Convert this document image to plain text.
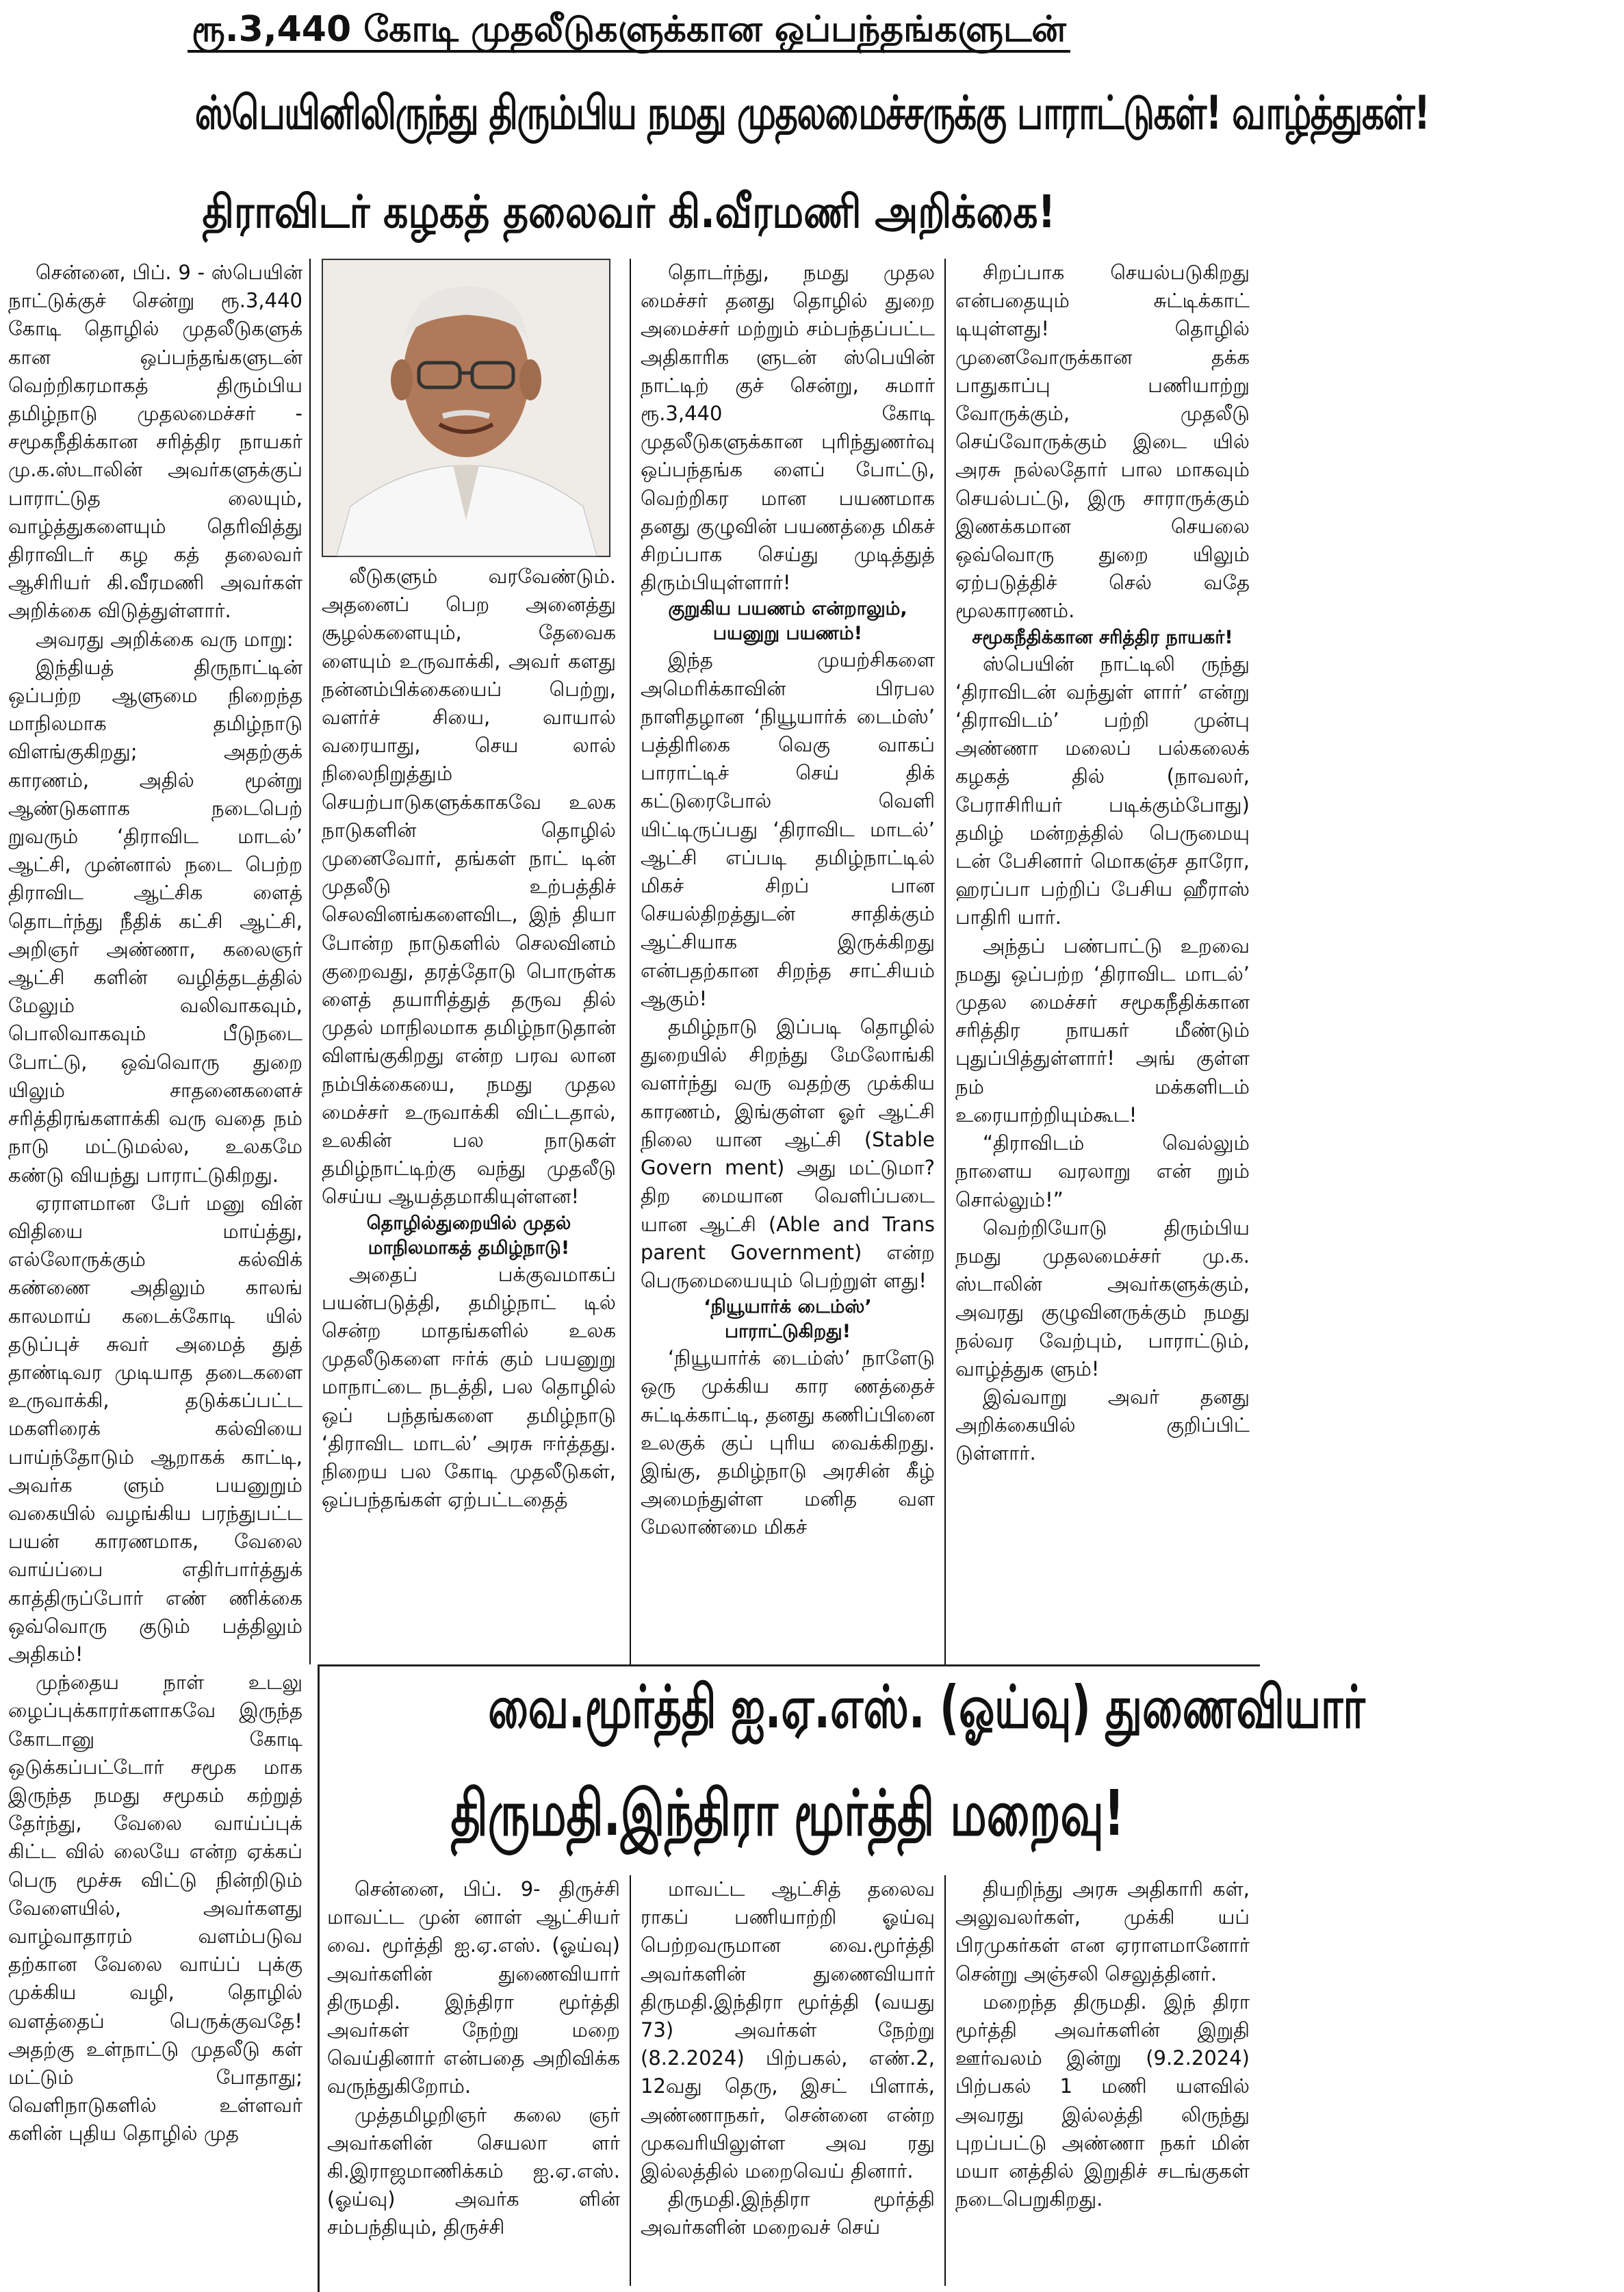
ரூ.3,440 கோடி முதலீடுகளுக்கான ஒப்பந்தங்களுடன்
ஸ்பெயினிலிருந்து திரும்பிய நமது முதலமைச்சருக்கு பாராட்டுகள்! வாழ்த்துகள்!
திராவிடர் கழகத் தலைவர் கி.வீரமணி அறிக்கை!

சென்னை, பிப். 9 - ஸ்பெயின் நாட்டுக்குச் சென்று ரூ.3,440 கோடி தொழில் முதலீடுகளுக் கான ஒப்பந்தங்களுடன் வெற்றிகரமாகத் திரும்பிய தமிழ்நாடு முதலமைச்சர் - சமூகநீதிக்கான சரித்திர நாயகர் மு.க.ஸ்டாலின் அவர்களுக்குப் பாராட்டுத லையும், வாழ்த்துகளையும் தெரிவித்து திராவிடர் கழ கத் தலைவர் ஆசிரியர் கி.வீரமணி அவர்கள் அறிக்கை விடுத்துள்ளார்.

அவரது அறிக்கை வரு மாறு:

இந்தியத் திருநாட்டின் ஒப்பற்ற ஆளுமை நிறைந்த மாநிலமாக தமிழ்நாடு விளங்குகிறது; அதற்குக் காரணம், அதில் மூன்று ஆண்டுகளாக நடைபெற் றுவரும் ‘திராவிட மாடல்’ ஆட்சி, முன்னால் நடை பெற்ற திராவிட ஆட்சிக ளைத் தொடர்ந்து நீதிக் கட்சி ஆட்சி, அறிஞர் அண்ணா, கலைஞர் ஆட்சி களின் வழித்தடத்தில் மேலும் வலிவாகவும், பொலிவாகவும் பீடுநடை போட்டு, ஒவ்வொரு துறை யிலும் சாதனைகளைச் சரித்திரங்களாக்கி வரு வதை நம் நாடு மட்டுமல்ல, உலகமே கண்டு வியந்து பாராட்டுகிறது.

ஏராளமான பேர் மனு வின் விதியை மாய்த்து, எல்லோருக்கும் கல்விக் கண்ணை அதிலும் காலங் காலமாய் கடைக்கோடி யில் தடுப்புச் சுவர் அமைத் துத் தாண்டிவர முடியாத தடைகளை உருவாக்கி, தடுக்கப்பட்ட மகளிரைக் கல்வியை பாய்ந்தோடும் ஆறாகக் காட்டி, அவர்க ளும் பயனுறும் வகையில் வழங்கிய பரந்துபட்ட பயன் காரணமாக, வேலை வாய்ப்பை எதிர்பார்த்துக் காத்திருப்போர் எண் ணிக்கை ஒவ்வொரு குடும் பத்திலும் அதிகம்!

முந்தைய நாள் உடலு ழைப்புக்காரர்களாகவே இருந்த கோடானு கோடி ஒடுக்கப்பட்டோர் சமூக மாக இருந்த நமது சமூகம் கற்றுத் தேர்ந்து, வேலை வாய்ப்புக் கிட்ட வில் லையே என்ற ஏக்கப் பெரு மூச்சு விட்டு நின்றிடும் வேளையில், அவர்களது வாழ்வாதாரம் வளம்படுவ தற்கான வேலை வாய்ப் புக்கு முக்கிய வழி, தொழில் வளத்தைப் பெருக்குவதே! அதற்கு உள்நாட்டு முதலீடு கள் மட்டும் போதாது; வெளிநாடுகளில் உள்ளவர் களின் புதிய தொழில் முத

லீடுகளும் வரவேண்டும். அதனைப் பெற அனைத்து சூழல்களையும், தேவைக ளையும் உருவாக்கி, அவர் களது நன்னம்பிக்கையைப் பெற்று, வளர்ச் சியை, வாயால் வரையாது, செய லால் நிலைநிறுத்தும் செயற்பாடுகளுக்காகவே உலக நாடுகளின் தொழில் முனைவோர், தங்கள் நாட் டின் முதலீடு உற்பத்திச் செலவினங்களைவிட, இந் தியா போன்ற நாடுகளில் செலவினம் குறைவது, தரத்தோடு பொருள்க ளைத் தயாரித்துத் தருவ தில் முதல் மாநிலமாக தமிழ்நாடுதான் விளங்குகிறது என்ற பரவ லான நம்பிக்கையை, நமது முதல மைச்சர் உருவாக்கி விட்டதால், உலகின் பல நாடுகள் தமிழ்நாட்டிற்கு வந்து முதலீடு செய்ய ஆயத்தமாகியுள்ளன!

தொழில்துறையில் முதல் மாநிலமாகத் தமிழ்நாடு!

அதைப் பக்குவமாகப் பயன்படுத்தி, தமிழ்நாட் டில் சென்ற மாதங்களில் உலக முதலீடுகளை ஈர்க் கும் பயனுறு மாநாட்டை நடத்தி, பல தொழில் ஒப் பந்தங்களை தமிழ்நாடு ‘திராவிட மாடல்’ அரசு ஈர்த்தது. நிறைய பல கோடி முதலீடுகள், ஒப்பந்தங்கள் ஏற்பட்டதைத்

தொடர்ந்து, நமது முதல மைச்சர் தனது தொழில் துறை அமைச்சர் மற்றும் சம்பந்தப்பட்ட அதிகாரிக ளுடன் ஸ்பெயின் நாட்டிற் குச் சென்று, சுமார் ரூ.3,440 கோடி முதலீடுகளுக்கான புரிந்துணர்வு ஒப்பந்தங்க ளைப் போட்டு, வெற்றிகர மான பயணமாக தனது குழுவின் பயணத்தை மிகச் சிறப்பாக செய்து முடித்துத் திரும்பியுள்ளார்!

குறுகிய பயணம் என்றாலும், பயனுறு பயணம்!

இந்த முயற்சிகளை அமெரிக்காவின் பிரபல நாளிதழான ‘நியூயார்க் டைம்ஸ்’ பத்திரிகை வெகு வாகப் பாராட்டிச் செய் திக் கட்டுரைபோல் வெளி யிட்டிருப்பது ‘திராவிட மாடல்’ ஆட்சி எப்படி தமிழ்நாட்டில் மிகச் சிறப் பான செயல்திறத்துடன் சாதிக்கும் ஆட்சியாக இருக்கிறது என்பதற்கான சிறந்த சாட்சியம் ஆகும்!

தமிழ்நாடு இப்படி தொழில் துறையில் சிறந்து மேலோங்கி வளர்ந்து வரு வதற்கு முக்கிய காரணம், இங்குள்ள ஓர் ஆட்சி நிலை யான ஆட்சி (Stable Govern ment) அது மட்டுமா? திற மையான வெளிப்படை யான ஆட்சி (Able and Trans parent Government) என்ற பெருமையையும் பெற்றுள் ளது!

‘நியூயார்க் டைம்ஸ்’ பாராட்டுகிறது!

‘நியூயார்க் டைம்ஸ்’ நாளேடு ஒரு முக்கிய கார ணத்தைச் சுட்டிக்காட்டி, தனது கணிப்பினை உலகுக் குப் புரிய வைக்கிறது. இங்கு, தமிழ்நாடு அரசின் கீழ் அமைந்துள்ள மனித வள மேலாண்மை மிகச்

சிறப்பாக செயல்படுகிறது என்பதையும் சுட்டிக்காட் டியுள்ளது! தொழில் முனைவோருக்கான தக்க பாதுகாப்பு பணியாற்று வோருக்கும், முதலீடு செய்வோருக்கும் இடை யில் அரசு நல்லதோர் பால மாகவும் செயல்பட்டு, இரு சாராருக்கும் இணக்கமான செயலை ஒவ்வொரு துறை யிலும் ஏற்படுத்திச் செல் வதே மூலகாரணம்.

சமூகநீதிக்கான சரித்திர நாயகர்!

ஸ்பெயின் நாட்டிலி ருந்து ‘திராவிடன் வந்துள் ளார்’ என்று ‘திராவிடம்’ பற்றி முன்பு அண்ணா மலைப் பல்கலைக் கழகத் தில் (நாவலர், பேராசிரியர் படிக்கும்போது) தமிழ் மன்றத்தில் பெருமையு டன் பேசினார் மொகஞ்ச தாரோ, ஹரப்பா பற்றிப் பேசிய ஹீராஸ் பாதிரி யார்.

அந்தப் பண்பாட்டு உறவை நமது ஒப்பற்ற ‘திராவிட மாடல்’ முதல மைச்சர் சமூகநீதிக்கான சரித்திர நாயகர் மீண்டும் புதுப்பித்துள்ளார்! அங் குள்ள நம் மக்களிடம் உரையாற்றியும்கூட!

“திராவிடம் வெல்லும் நாளைய வரலாறு என் றும் சொல்லும்!”

வெற்றியோடு திரும்பிய நமது முதலமைச்சர் மு.க. ஸ்டாலின் அவர்களுக்கும், அவரது குழுவினருக்கும் நமது நல்வர வேற்பும், பாராட்டும், வாழ்த்துக ளும்!

இவ்வாறு அவர் தனது அறிக்கையில் குறிப்பிட் டுள்ளார்.

வை.மூர்த்தி ஐ.ஏ.எஸ். (ஓய்வு) துணைவியார்
திருமதி.இந்திரா மூர்த்தி மறைவு!

சென்னை, பிப். 9- திருச்சி மாவட்ட முன் னாள் ஆட்சியர் வை. மூர்த்தி ஐ.ஏ.எஸ். (ஓய்வு) அவர்களின் துணைவியார் திருமதி. இந்திரா மூர்த்தி அவர்கள் நேற்று மறை வெய்தினார் என்பதை அறிவிக்க வருந்துகிறோம்.

முத்தமிழறிஞர் கலை ஞர் அவர்களின் செயலா ளர் கி.இராஜமாணிக்கம் ஐ.ஏ.எஸ். (ஓய்வு) அவர்க ளின் சம்பந்தியும், திருச்சி

மாவட்ட ஆட்சித் தலைவ ராகப் பணியாற்றி ஓய்வு பெற்றவருமான வை.மூர்த்தி அவர்களின் துணைவியார் திருமதி.இந்திரா மூர்த்தி (வயது 73) அவர்கள் நேற்று (8.2.2024) பிற்பகல், எண்.2, 12வது தெரு, இசட் பிளாக், அண்ணாநகர், சென்னை என்ற முகவரியிலுள்ள அவ ரது இல்லத்தில் மறைவெய் தினார்.

திருமதி.இந்திரா மூர்த்தி அவர்களின் மறைவச் செய்

தியறிந்து அரசு அதிகாரி கள், அலுவலர்கள், முக்கி யப் பிரமுகர்கள் என ஏராளமானோர் சென்று அஞ்சலி செலுத்தினர்.

மறைந்த திருமதி. இந் திரா மூர்த்தி அவர்களின் இறுதி ஊர்வலம் இன்று (9.2.2024) பிற்பகல் 1 மணி யளவில் அவரது இல்லத்தி லிருந்து புறப்பட்டு அண்ணா நகர் மின் மயா னத்தில் இறுதிச் சடங்குகள் நடைபெறுகிறது.
